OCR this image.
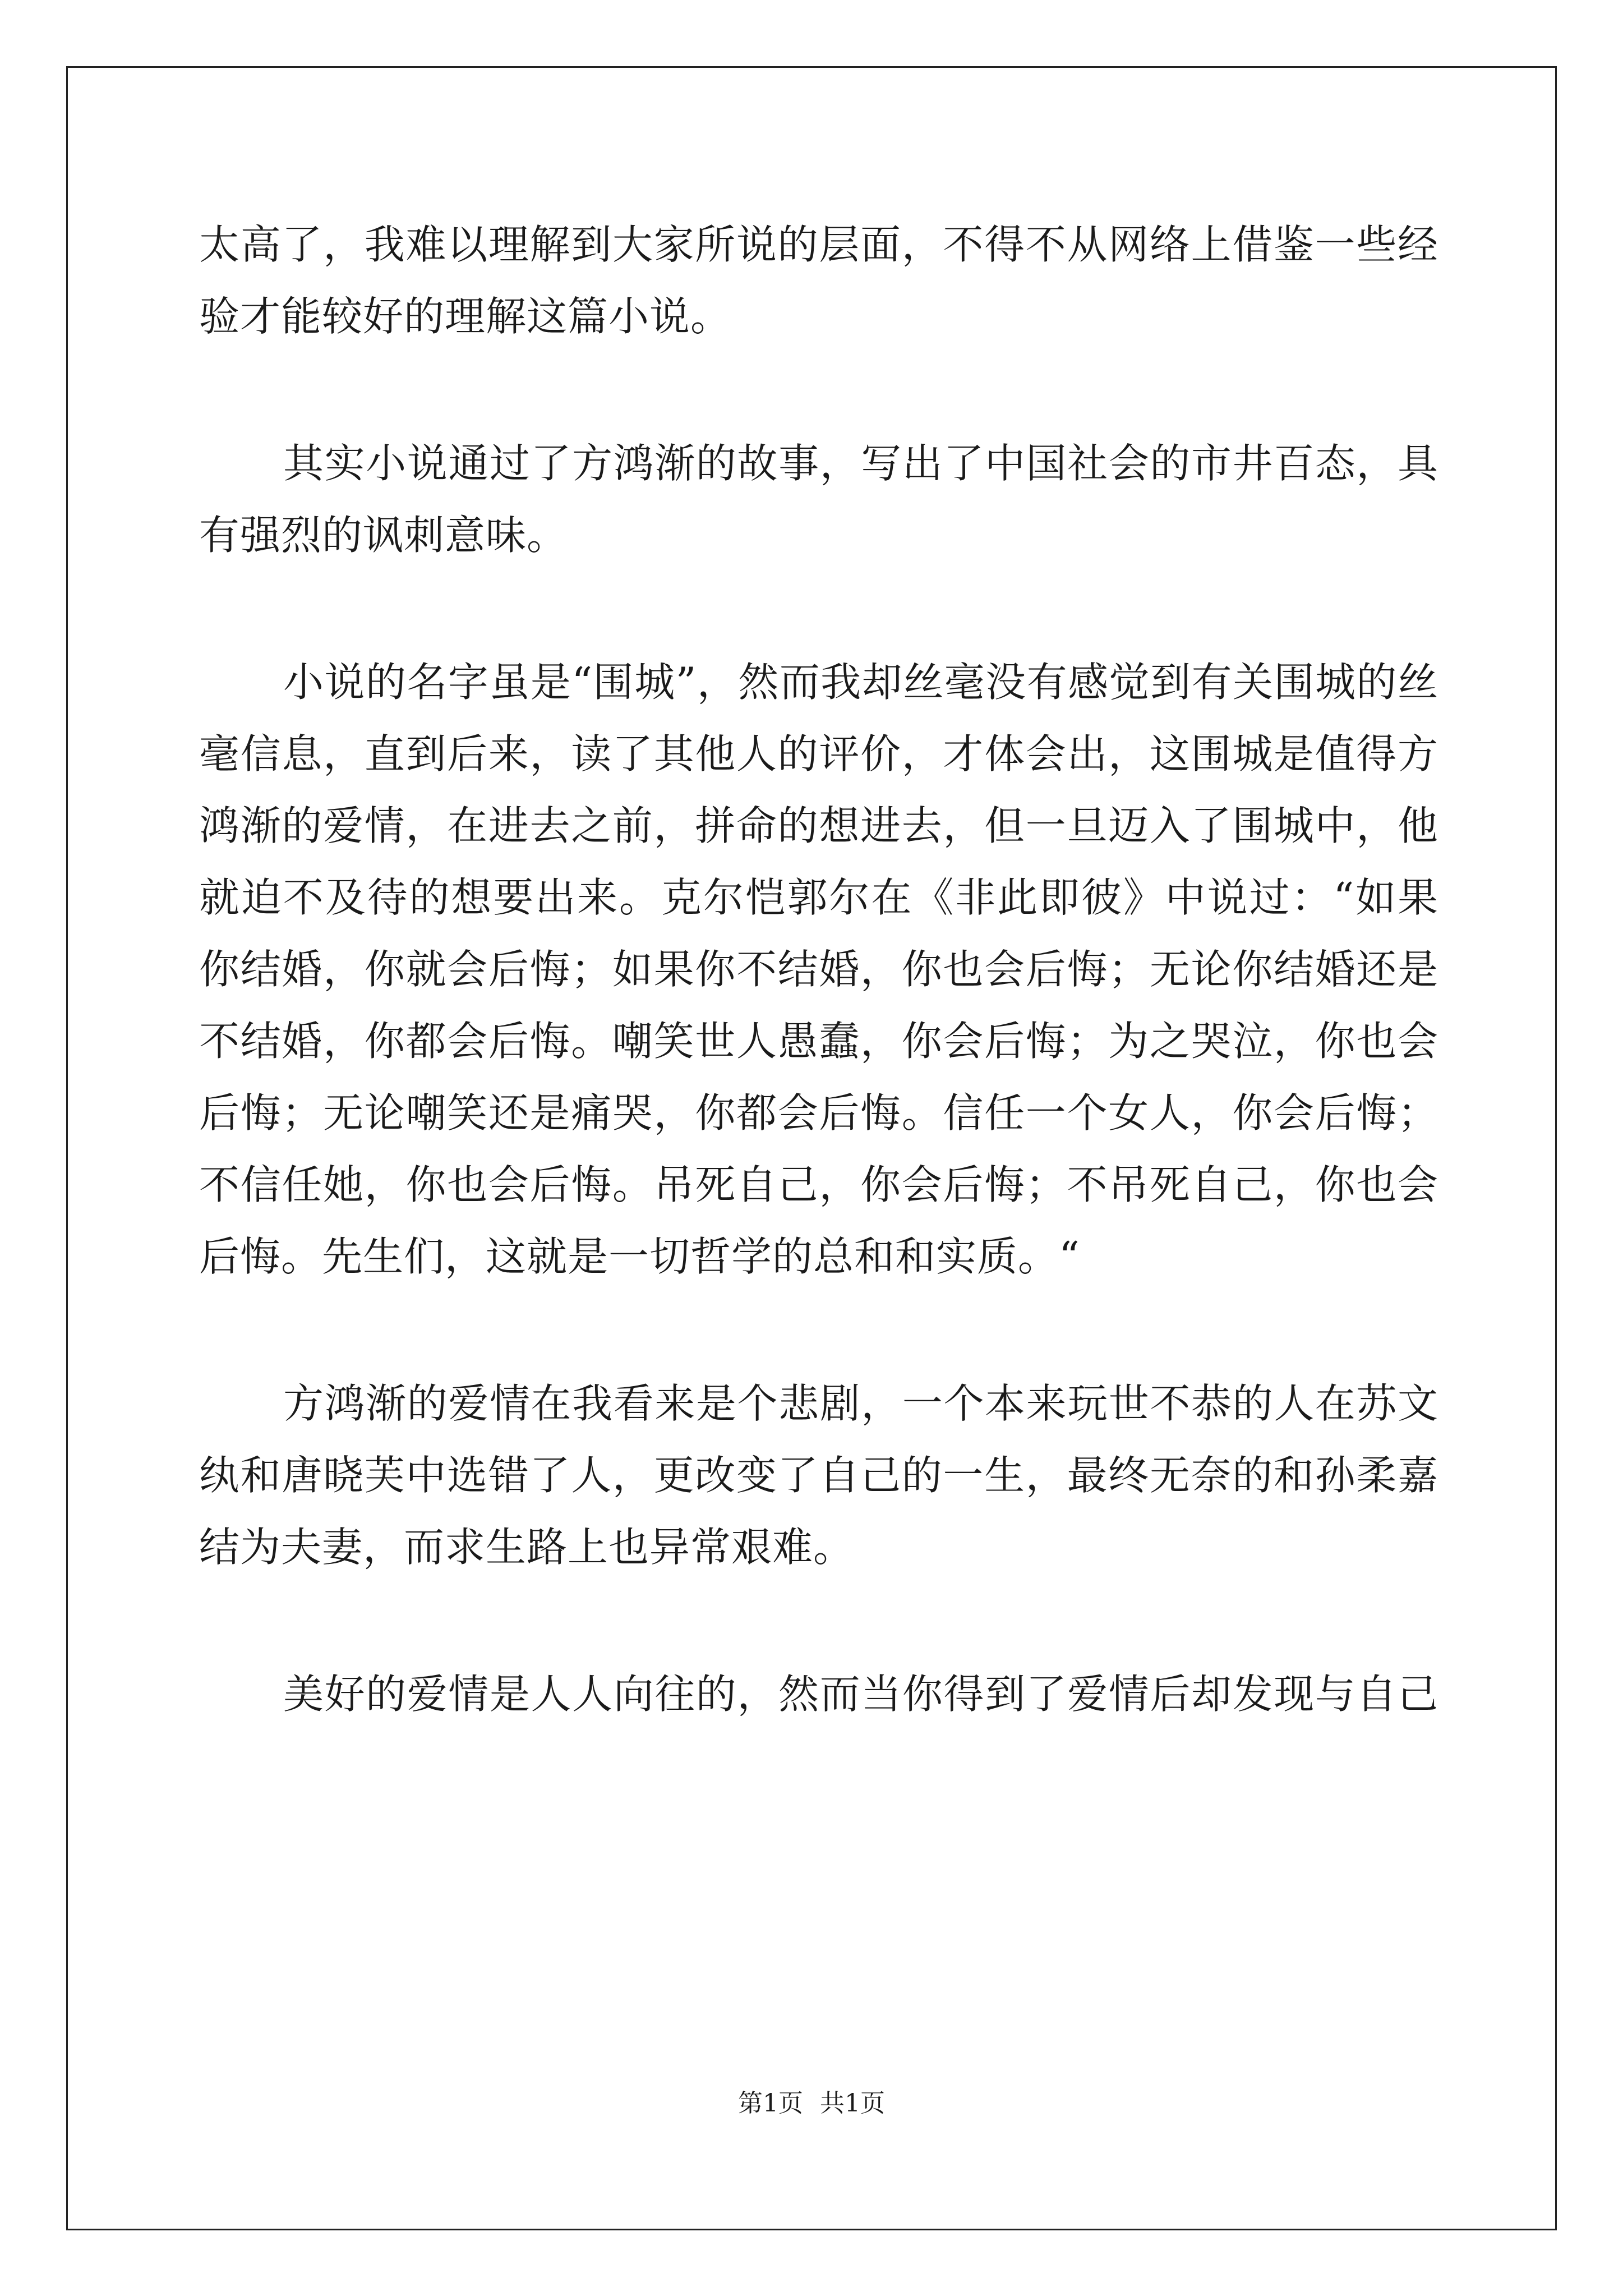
太高了，我难以理解到大家所说的层面，不得不从网络上借鉴一些经
验才能较好的理解这篇小说。
其实小说通过了方鸿渐的故事，写出了中国社会的市井百态，具
有强烈的讽刺意味。
小说的名字虽是“围城”，然而我却丝毫没有感觉到有关围城的丝
毫信息，直到后来，读了其他人的评价，才体会出，这围城是值得方
鸿渐的爱情，在进去之前，拼命的想进去，但一旦迈入了围城中，他
就迫不及待的想要出来。克尔恺郭尔在《非此即彼》中说过：“如果
你结婚，你就会后悔；如果你不结婚，你也会后悔；无论你结婚还是
不结婚，你都会后悔。嘲笑世人愚蠢，你会后悔；为之哭泣，你也会
后悔；无论嘲笑还是痛哭，你都会后悔。信任一个女人，你会后悔；
不信任她，你也会后悔。吊死自己，你会后悔；不吊死自己，你也会
后悔。先生们，这就是一切哲学的总和和实质。“
方鸿渐的爱情在我看来是个悲剧，一个本来玩世不恭的人在苏文
纨和唐晓芙中选错了人，更改变了自己的一生，最终无奈的和孙柔嘉
结为夫妻，而求生路上也异常艰难。
美好的爱情是人人向往的，然而当你得到了爱情后却发现与自己
第1页 共1页
